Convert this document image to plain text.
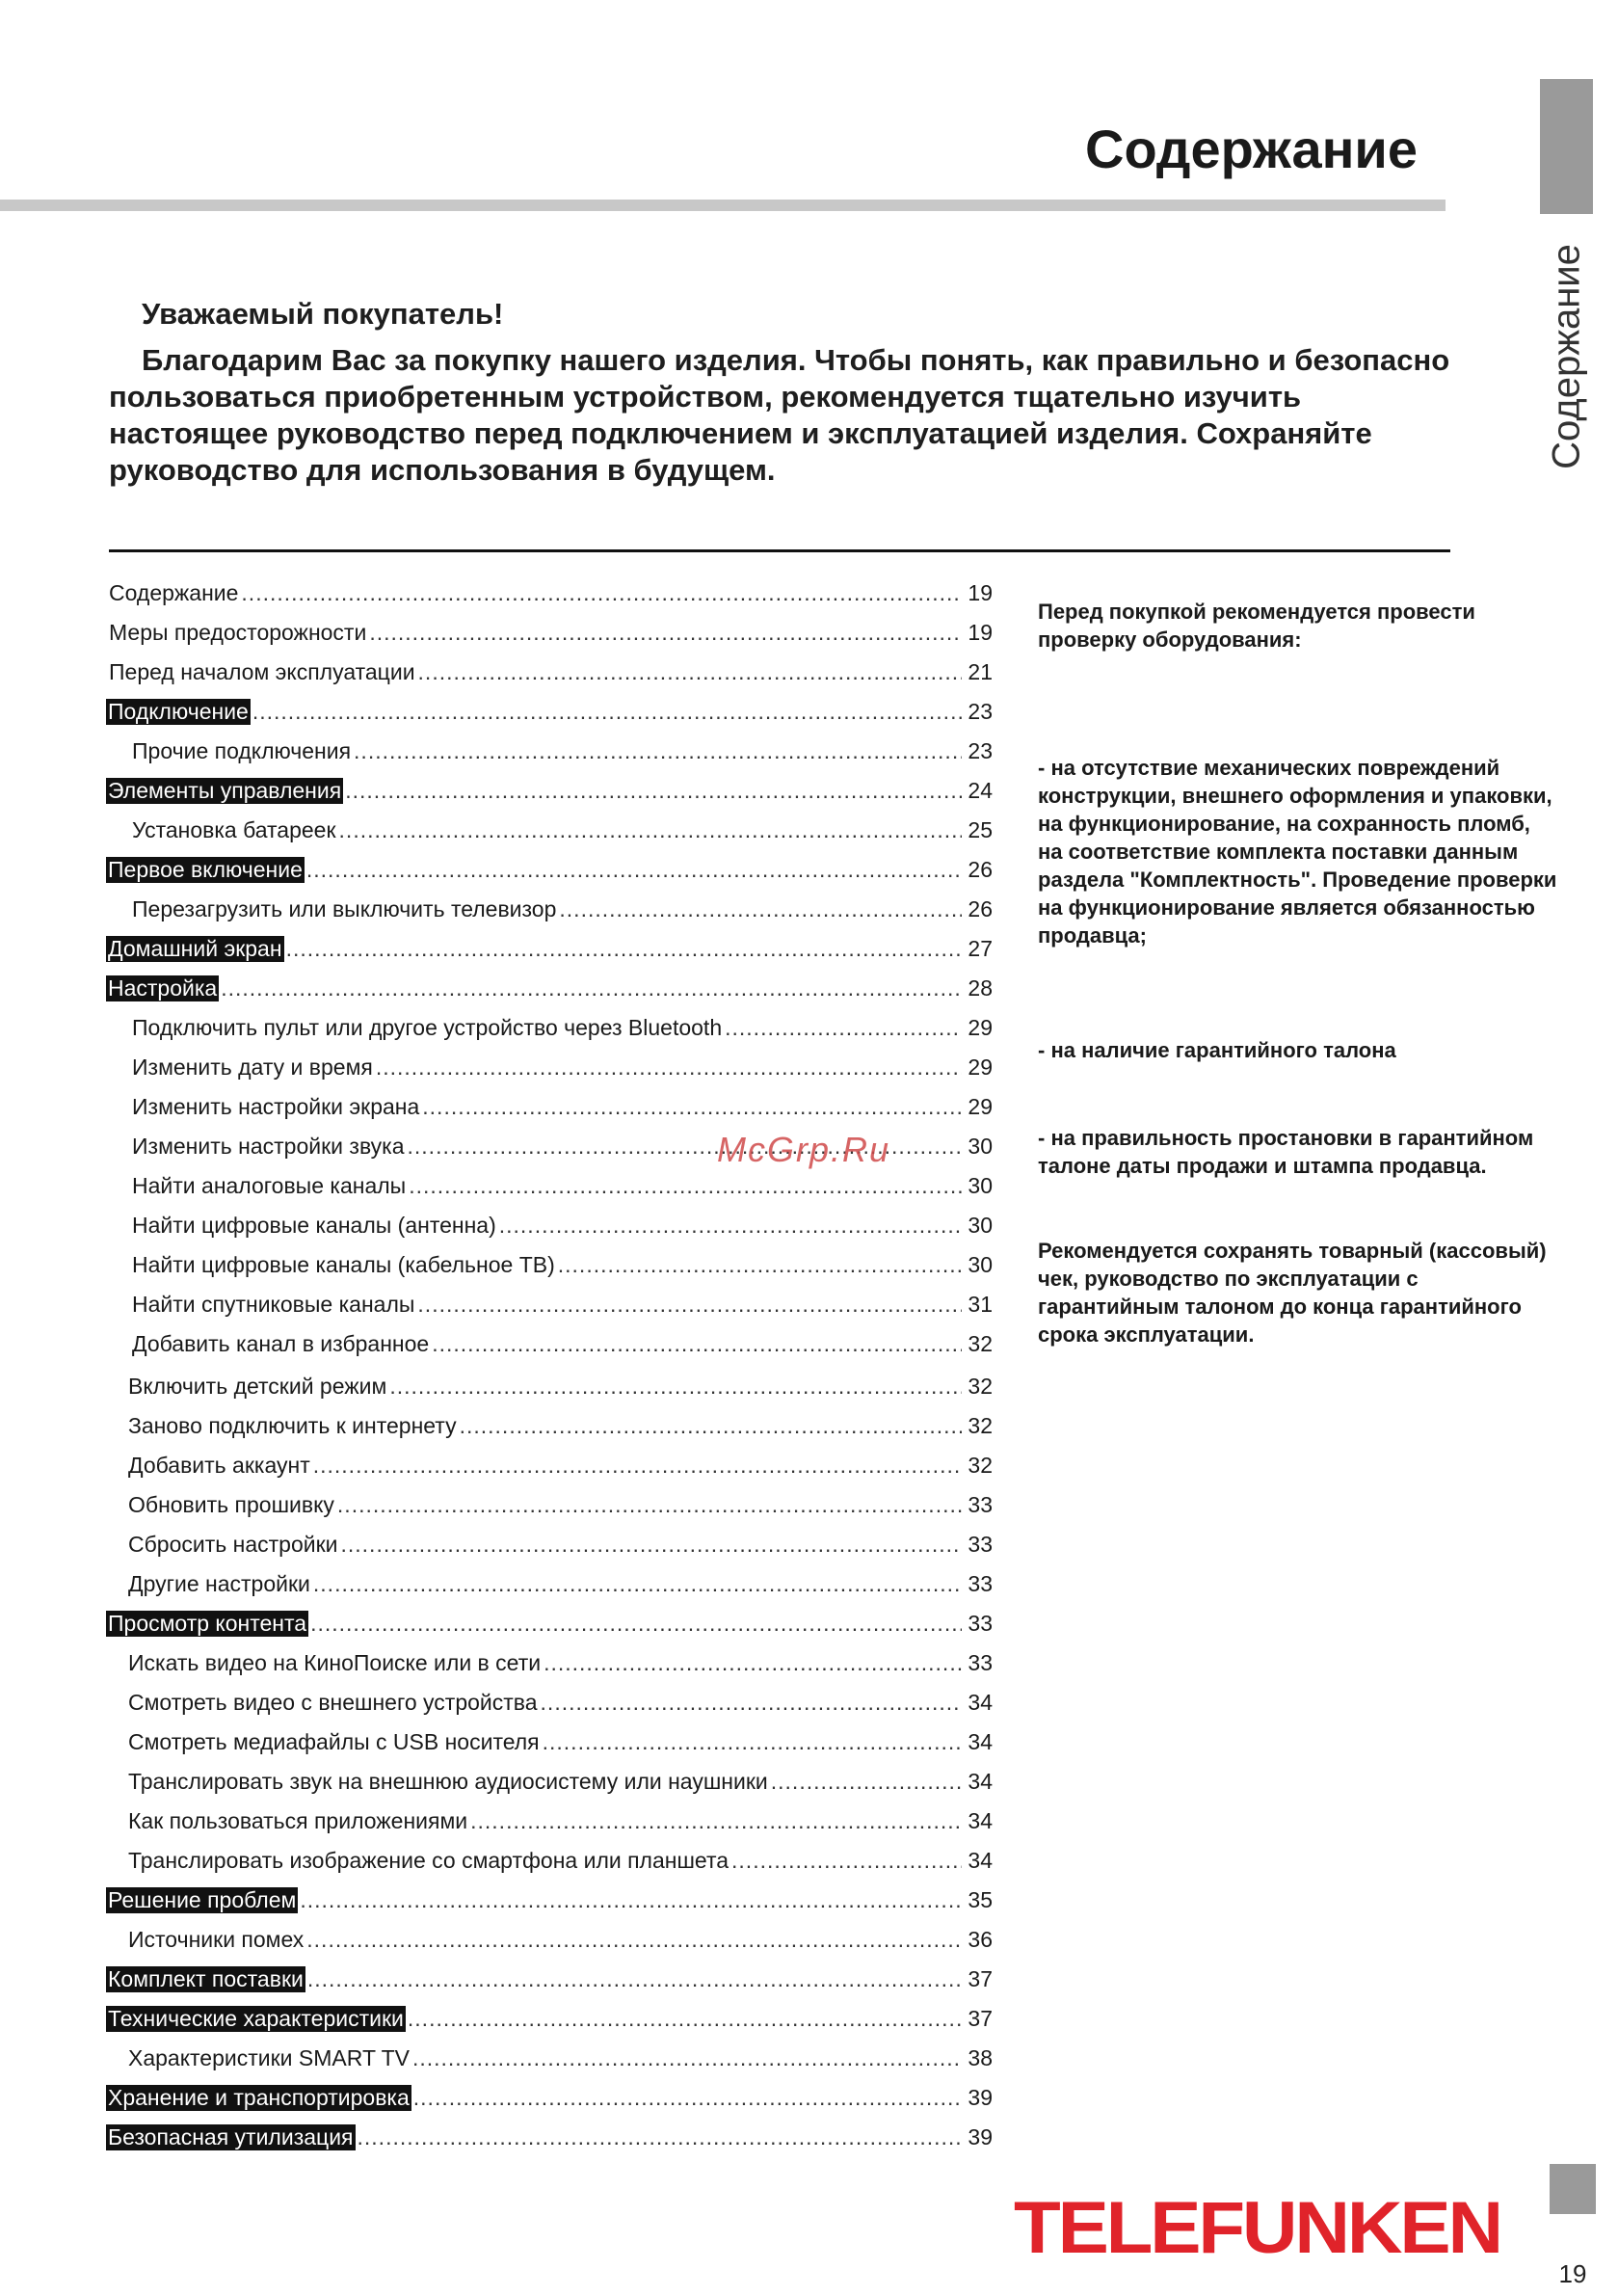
Содержание
Содержание

Уважаемый покупатель!

Благодарим Вас за покупку нашего изделия. Чтобы понять, как правильно и безопасно пользоваться приобретенным устройством, рекомендуется тщательно изучить настоящее руководство перед подключением и эксплуатацией изделия. Сохраняйте руководство для использования в будущем.

Содержание .....	19
Меры предосторожности .....	19
Перед началом эксплуатации .....	21
Подключение .....	23
Прочие подключения .....	23
Элементы управления .....	24
Установка батареек .....	25
Первое включение .....	26
Перезагрузить или выключить телевизор .....	26
Домашний экран .....	27
Настройка .....	28
Подключить пульт или другое устройство через Bluetooth .....	29
Изменить дату и время .....	29
Изменить настройки экрана .....	29
Изменить настройки звука .....	30
Найти аналоговые каналы .....	30
Найти цифровые каналы (антенна) .....	30
Найти цифровые каналы (кабельное ТВ) .....	30
Найти спутниковые каналы .....	31
Добавить канал в избранное .....	32
Включить детский режим .....	32
Заново подключить к интернету .....	32
Добавить аккаунт .....	32
Обновить прошивку .....	33
Сбросить настройки .....	33
Другие настройки .....	33
Просмотр контента .....	33
Искать видео на КиноПоиске или в сети .....	33
Смотреть видео с внешнего устройства .....	34
Смотреть медиафайлы с USB носителя .....	34
Транслировать звук на внешнюю аудиосистему или наушники .....	34
Как пользоваться приложениями .....	34
Транслировать изображение со смартфона или планшета .....	34
Решение проблем .....	35
Источники помех .....	36
Комплект поставки .....	37
Технические характеристики .....	37
Характеристики SMART TV .....	38
Хранение и транспортировка .....	39
Безопасная утилизация .....	39
McGrp.Ru

Перед покупкой рекомендуется провести проверку оборудования:

- на отсутствие механических повреждений конструкции, внешнего оформления и упаковки, на функционирование, на сохранность пломб, на соответствие комплекта поставки данным раздела "Комплектность". Проведение проверки на функционирование является обязанностью продавца;

- на наличие гарантийного талона

- на правильность простановки в гарантийном талоне даты продажи и штампа продавца.

Рекомендуется сохранять товарный (кассовый) чек, руководство по эксплуатации с гарантийным талоном до конца гарантийного срока эксплуатации.

TELEFUNKEN
19
